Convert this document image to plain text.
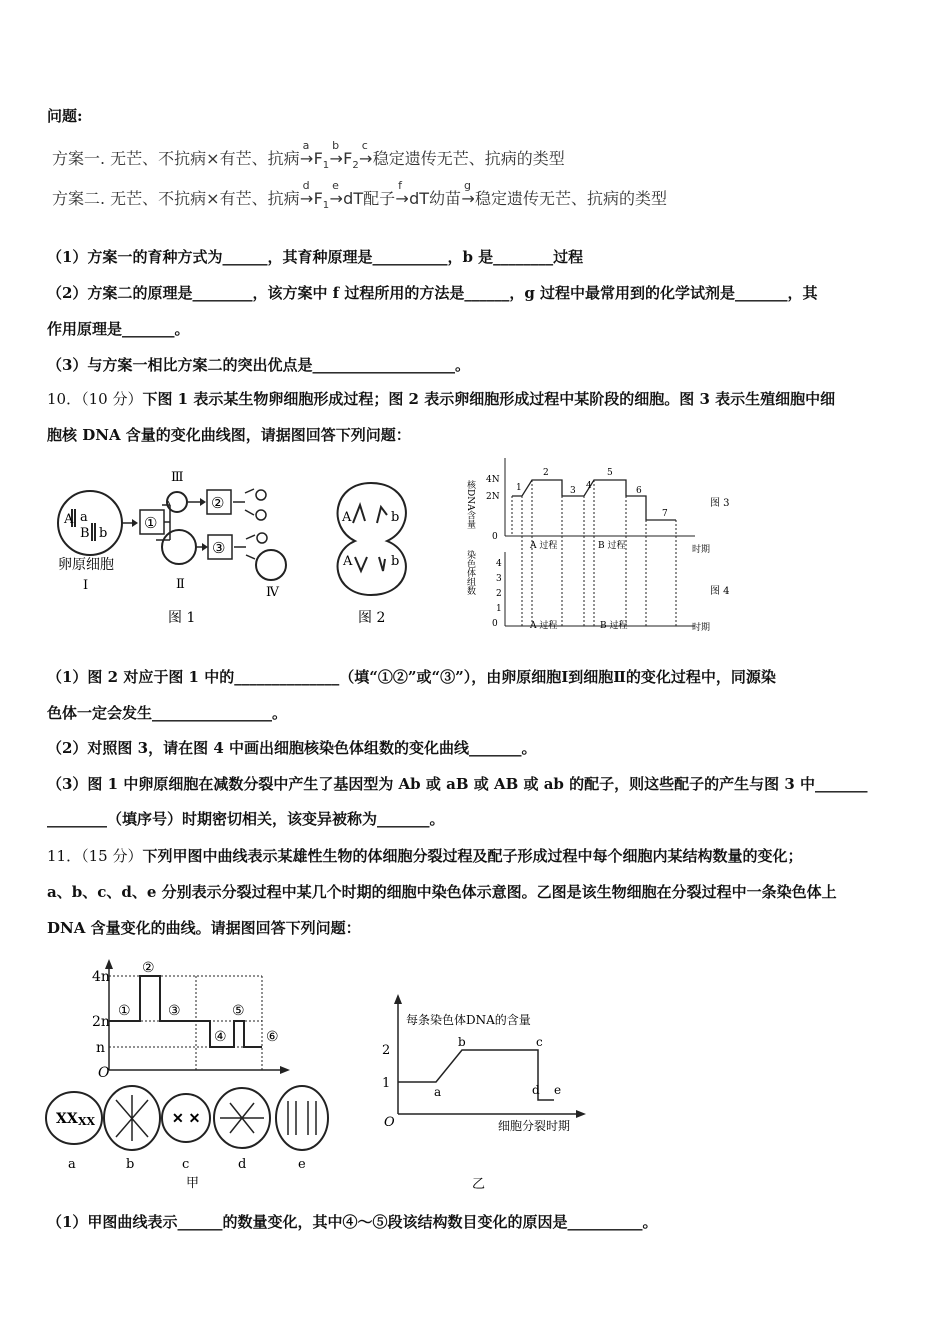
问题:
方案一. 无芒、不抗病×有芒、抗病
a
$\to F_1$
b
$\to F_2$
c
→稳定遗传无芒、抗病的类型
方案二. 无芒、不抗病×有芒、抗病
d
$\to F_1$
e
→dT配子
f
→dT幼苗
g
→稳定遗传无芒、抗病的类型
（1）方案一的育种方式为______，其育种原理是__________，b 是________过程
（2）方案二的原理是________，该方案中 f 过程所用的方法是______，g 过程中最常用到的化学试剂是_______，其
作用原理是_______。
（3）与方案一相比方案二的突出优点是___________________。
10．（10 分）下图 1 表示某生物卵细胞形成过程；图 2 表示卵细胞形成过程中某阶段的细胞。图 3 表示生殖细胞中细
胞核 DNA 含量的变化曲线图，请据图回答下列问题：
A a
B b
①
Ⅲ
②
Ⅱ
③
Ⅳ
卵原细胞
Ⅰ
图 1
A	b
A	b
图 2
核DNA含量 4N
2N
0
1
2
3 4
5
6
7
A 过程	B 过程	时期
图 3
染色体组数 4
3
2
1
0	A 过程	B 过程	时期
图 4
（1）图 2 对应于图 1 中的______________（填“①②”或“③”），由卵原细胞Ⅰ到细胞Ⅱ的变化过程中，同源染
色体一定会发生________________。
（2）对照图 3，请在图 4 中画出细胞核染色体组数的变化曲线_______。
（3）图 1 中卵原细胞在减数分裂中产生了基因型为 Ab 或 aB 或 AB 或 ab 的配子，则这些配子的产生与图 3 中_______
________（填序号）时期密切相关，该变异被称为_______。
11．（15 分）下列甲图中曲线表示某雄性生物的体细胞分裂过程及配子形成过程中每个细胞内某结构数量的变化；
a、b、c、d、e 分别表示分裂过程中某几个时期的细胞中染色体示意图。乙图是该生物细胞在分裂过程中一条染色体上
DNA 含量变化的曲线。请据图回答下列问题：
4n
2n
n
O
①
②
③
④
⑤
⑥
XX XX	✕ ✕
a	b	c	d	e
甲
每条染色体DNA的含量
2
1
O
a
b	c
d e
细胞分裂时期
乙
（1）甲图曲线表示______的数量变化，其中④～⑤段该结构数目变化的原因是__________。
